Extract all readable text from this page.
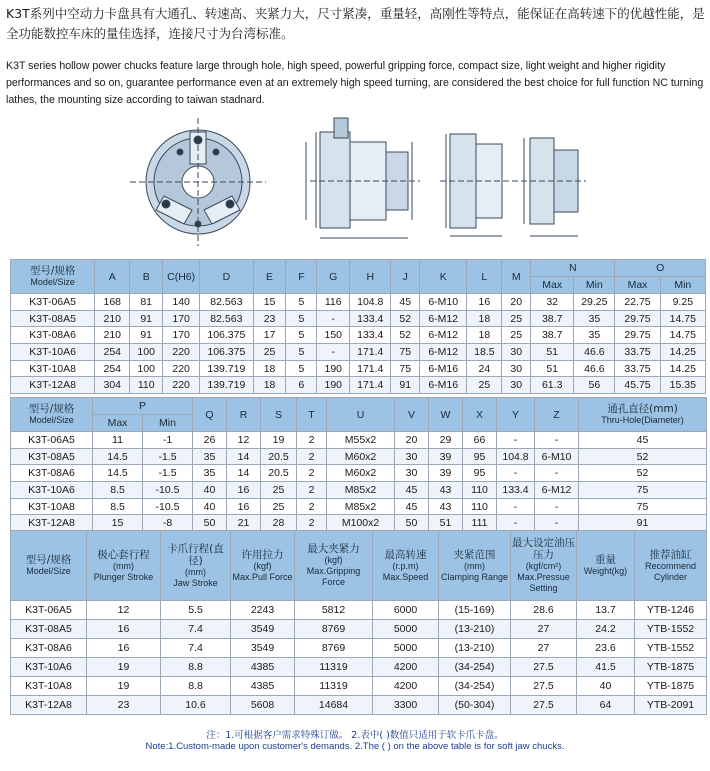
K3T系列中空动力卡盘具有大通孔、转速高、夹紧力大，尺寸紧凑，重量轻，高刚性等特点，能保证在高转速下的优越性能，是全功能数控车床的量佳选择，连接尺寸为台湾标准。
K3T series hollow power chucks feature large through hole, high speed, powerful gripping force, compact size, light weight and higher rigidity performances and so on, guarantee performance even at an extremely high speed turning, are considered the best choice for full function NC turning lathes, the mounting size according to taiwan stadnard.
型号/规格
Model/Size	A	B	C(H6)	D	E	F	G	H	J	K	L	M	N		O	
													Max	Min	Max	Min
K3T-06A5	168	81	140	82.563	15	5	116	104.8	45	6-M10	16	20	32	29.25	22.75	9.25
K3T-08A5	210	91	170	82.563	23	5	-	133.4	52	6-M12	18	25	38.7	35	29.75	14.75
K3T-08A6	210	91	170	106.375	17	5	150	133.4	52	6-M12	18	25	38.7	35	29.75	14.75
K3T-10A6	254	100	220	106.375	25	5	-	171.4	75	6-M12	18.5	30	51	46.6	33.75	14.25
K3T-10A8	254	100	220	139.719	18	5	190	171.4	75	6-M16	24	30	51	46.6	33.75	14.25
K3T-12A8	304	110	220	139.719	18	6	190	171.4	91	6-M16	25	30	61.3	56	45.75	15.35
型号/规格
Model/Size	P		Q	R	S	T	U	V	W	X	Y	Z	通孔直径(mm)
Thru-Hole(Diameter)

	Max	Min											
K3T-06A5	11	-1	26	12	19	2	M55x2	20	29	66	-	-	45
K3T-08A5	14.5	-1.5	35	14	20.5	2	M60x2	30	39	95	104.8	6-M10	52
K3T-08A6	14.5	-1.5	35	14	20.5	2	M60x2	30	39	95	-	-	52
K3T-10A6	8.5	-10.5	40	16	25	2	M85x2	45	43	110	133.4	6-M12	75
K3T-10A8	8.5	-10.5	40	16	25	2	M85x2	45	43	110	-	-	75
K3T-12A8	15	-8	50	21	28	2	M100x2	50	51	111	-	-	91
型号/规格
Model/Size	极心套行程
(mm)
Plunger Stroke	卡爪行程(直径)
(mm)
Jaw Stroke	许用拉力
(kgf)
Max.Pull Force	最大夹紧力
(kgf)
Max.Gripping Force	最高转速
(r.p.m)
Max.Speed	夹紧范围
(mm)
Clamping Range	最大设定油压压力
(kgf/cm²)
Max.Pressue Setting	重量
Weight(kg)	推荐油缸
Recommend Cylinder

K3T-06A5	12	5.5	2243	5812	6000	(15-169)	28.6	13.7	YTB-1246
K3T-08A5	16	7.4	3549	8769	5000	(13-210)	27	24.2	YTB-1552
K3T-08A6	16	7.4	3549	8769	5000	(13-210)	27	23.6	YTB-1552
K3T-10A6	19	8.8	4385	11319	4200	(34-254)	27.5	41.5	YTB-1875
K3T-10A8	19	8.8	4385	11319	4200	(34-254)	27.5	40	YTB-1875
K3T-12A8	23	10.6	5608	14684	3300	(50-304)	27.5	64	YTB-2091
注：1.可根据客户需求特殊订做。 2.表中( )数值只适用于软卡爪卡盘。
Note:1.Custom-made upon customer's demands. 2.The ( ) on the above table is for soft jaw chucks.
